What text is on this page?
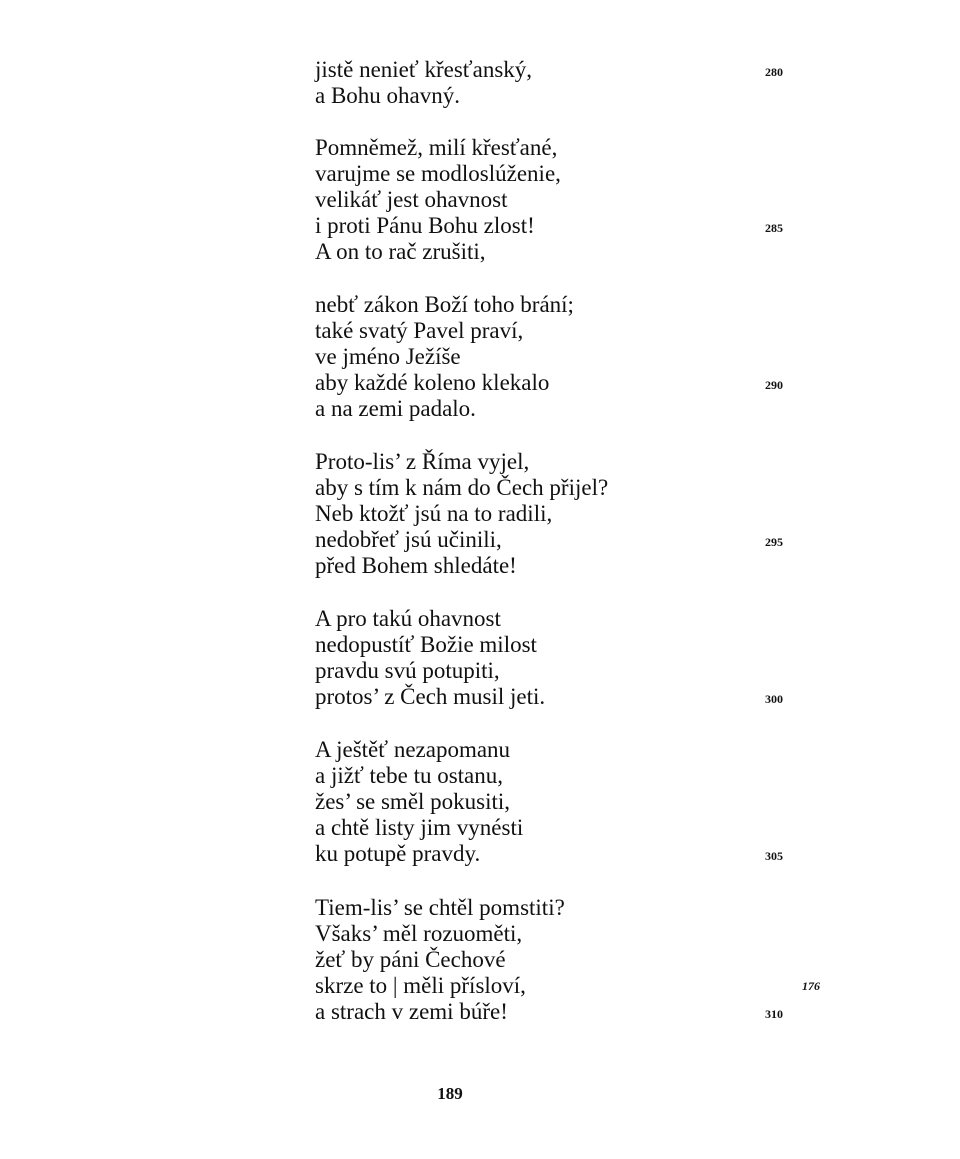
jistě nenieť křesťanský,	280
a Bohu ohavný.
Pomněmež, milí křesťané,
varujme se modloslúženie,
velikáť jest ohavnost
i proti Pánu Bohu zlost!	285
A on to rač zrušiti,
nebť zákon Boží toho brání;
také svatý Pavel praví,
ve jméno Ježíše
aby každé koleno klekalo	290
a na zemi padalo.
Proto-lis’ z Říma vyjel,
aby s tím k nám do Čech přijel?
Neb ktožť jsú na to radili,
nedobřeť jsú učinili,	295
před Bohem shledáte!
A pro takú ohavnost
nedopustíť Božie milost
pravdu svú potupiti,
protos’ z Čech musil jeti.	300
A ještěť nezapomanu
a jižť tebe tu ostanu,
žes’ se směl pokusiti,
a chtě listy jim vynésti
ku potupě pravdy.	305
Tiem-lis’ se chtěl pomstiti?
Všaks’ měl rozuoměti,
žeť by páni Čechové
skrze to | měli přísloví,
a strach v zemi búře!	310
176
189
